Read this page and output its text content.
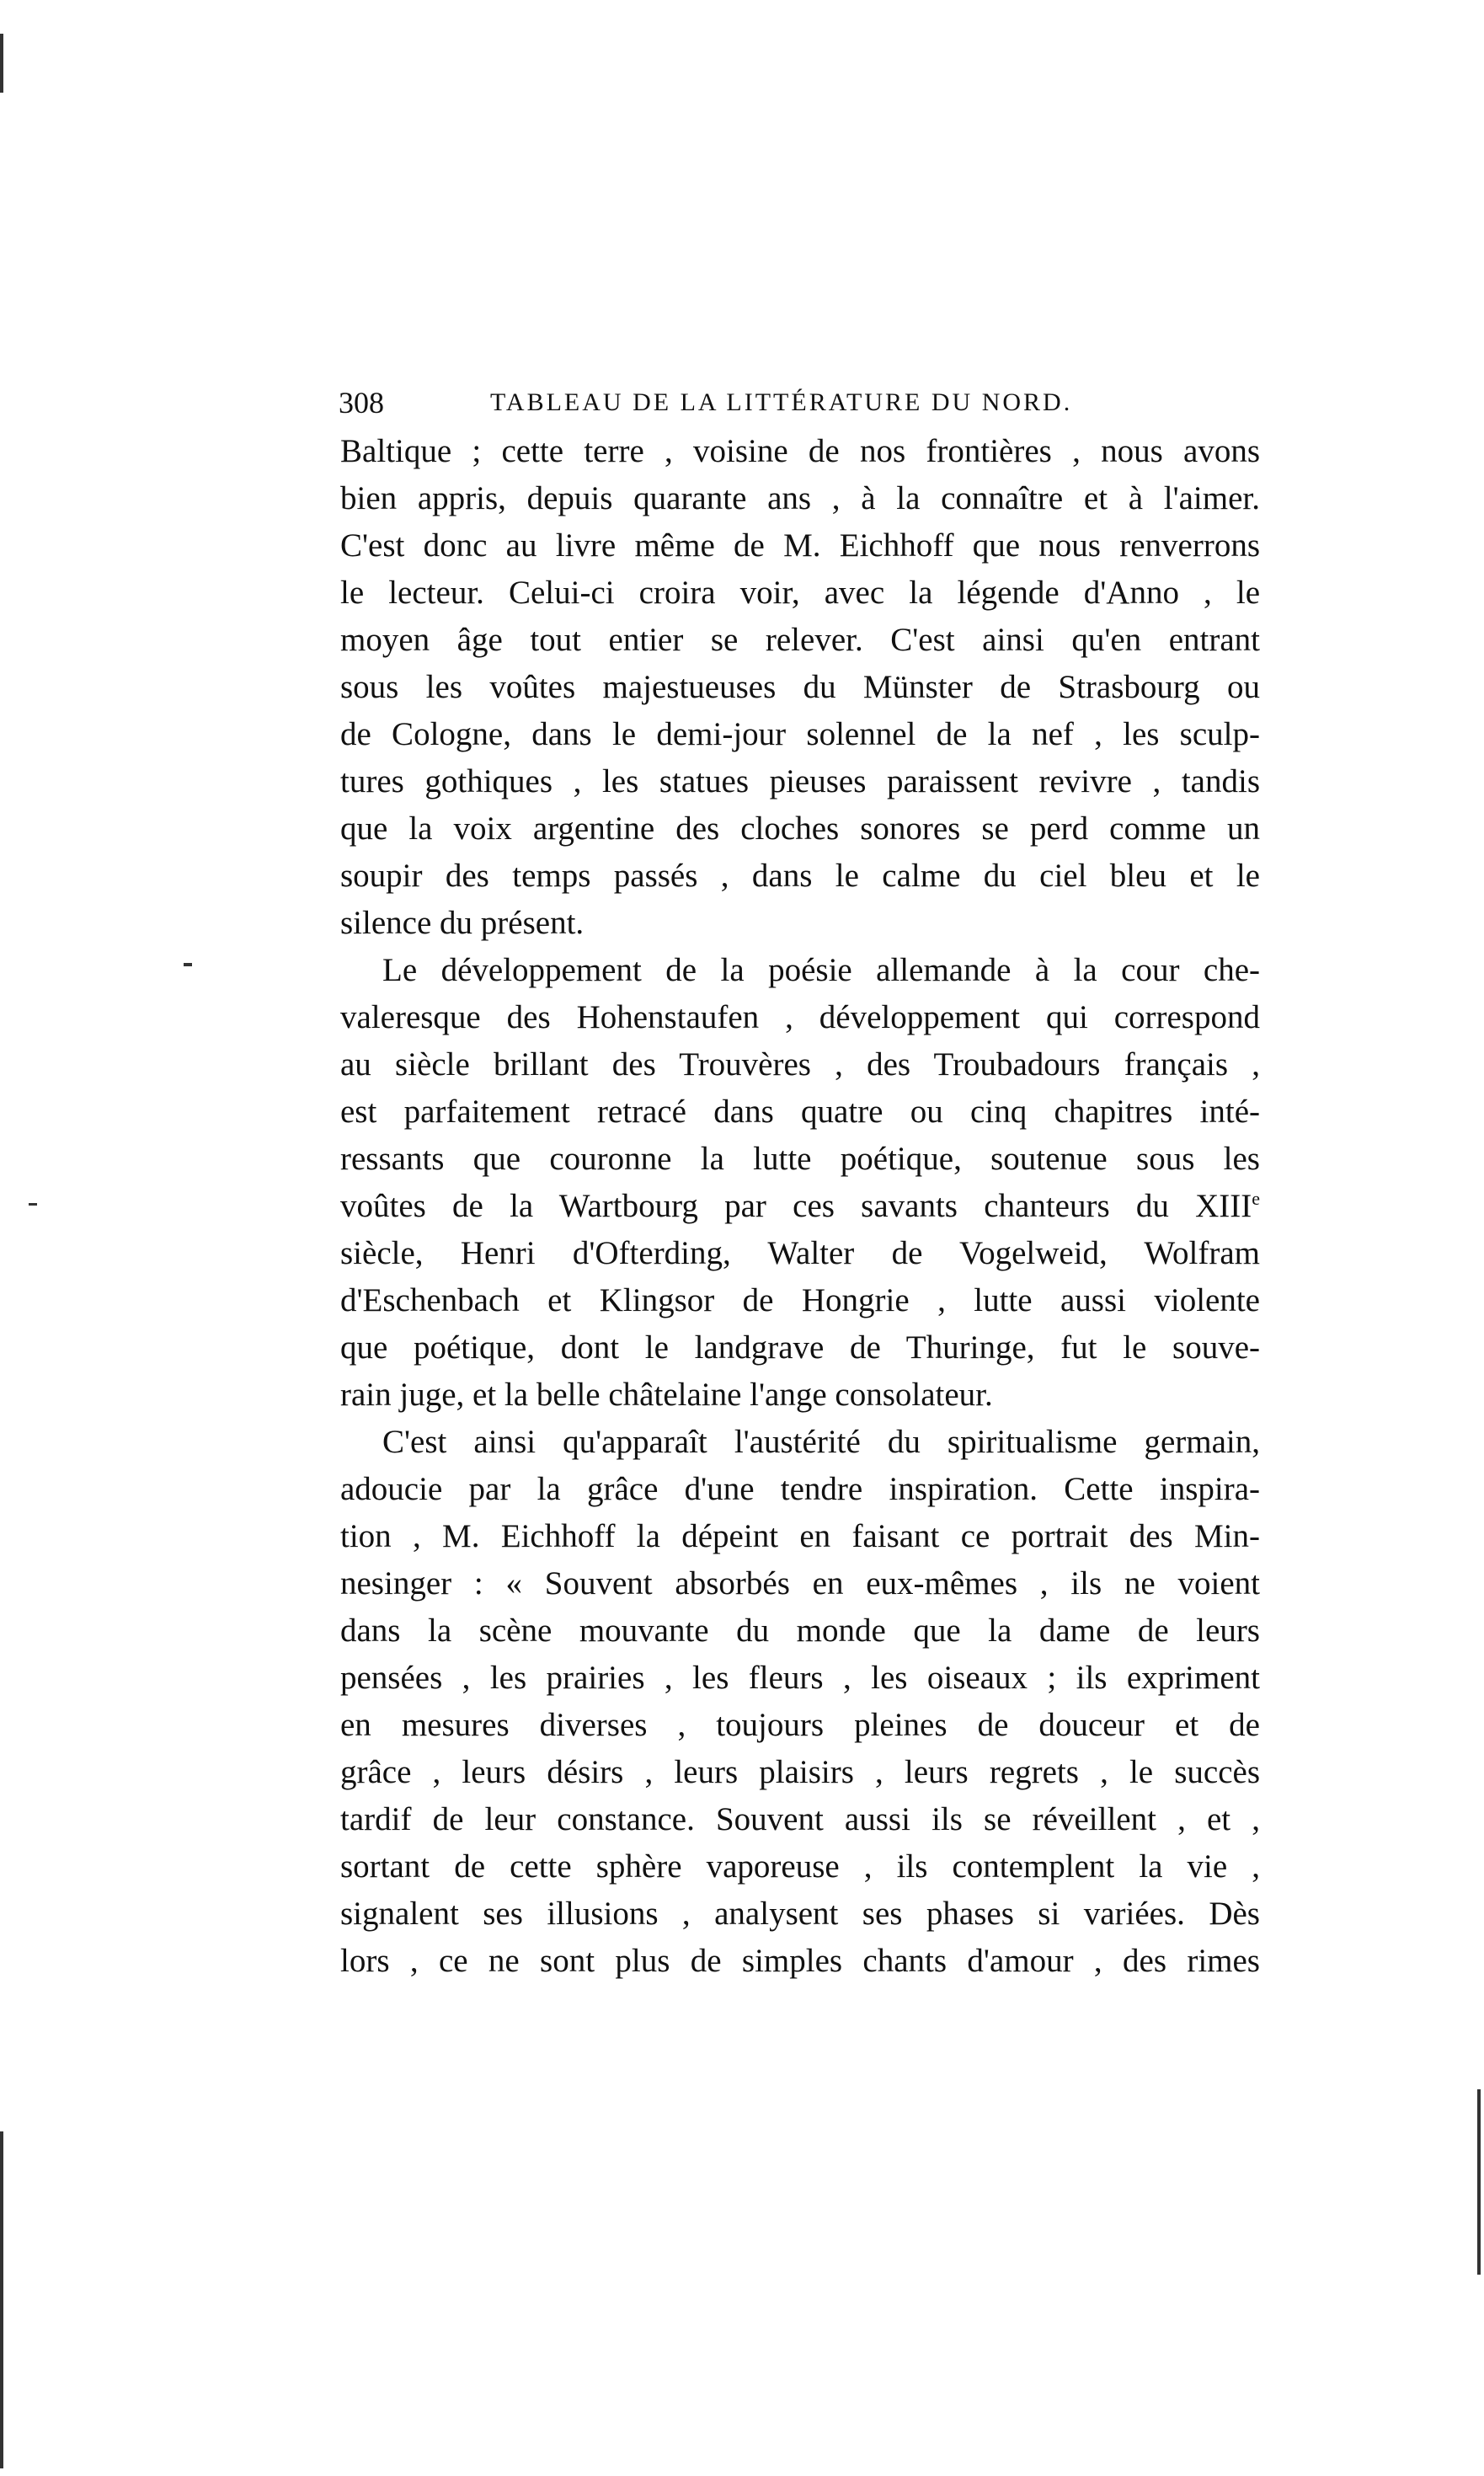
308	TABLEAU DE LA LITTÉRATURE DU NORD.
Baltique ; cette terre , voisine de nos frontières , nous avons
bien appris, depuis quarante ans , à la connaître et à l'aimer.
C'est donc au livre même de M. Eichhoff que nous renverrons
le lecteur. Celui-ci croira voir, avec la légende d'Anno , le
moyen âge tout entier se relever. C'est ainsi qu'en entrant
sous les voûtes majestueuses du Münster de Strasbourg ou
de Cologne, dans le demi-jour solennel de la nef , les sculp-
tures gothiques , les statues pieuses paraissent revivre , tandis
que la voix argentine des cloches sonores se perd comme un
soupir des temps passés , dans le calme du ciel bleu et le
silence du présent.
Le développement de la poésie allemande à la cour che-
valeresque des Hohenstaufen , développement qui correspond
au siècle brillant des Trouvères , des Troubadours français ,
est parfaitement retracé dans quatre ou cinq chapitres inté-
ressants que couronne la lutte poétique, soutenue sous les
voûtes de la Wartbourg par ces savants chanteurs du XIIIe
siècle, Henri d'Ofterding, Walter de Vogelweid, Wolfram
d'Eschenbach et Klingsor de Hongrie , lutte aussi violente
que poétique, dont le landgrave de Thuringe, fut le souve-
rain juge, et la belle châtelaine l'ange consolateur.
C'est ainsi qu'apparaît l'austérité du spiritualisme germain,
adoucie par la grâce d'une tendre inspiration. Cette inspira-
tion , M. Eichhoff la dépeint en faisant ce portrait des Min-
nesinger : « Souvent absorbés en eux-mêmes , ils ne voient
dans la scène mouvante du monde que la dame de leurs
pensées , les prairies , les fleurs , les oiseaux ; ils expriment
en mesures diverses , toujours pleines de douceur et de
grâce , leurs désirs , leurs plaisirs , leurs regrets , le succès
tardif de leur constance. Souvent aussi ils se réveillent , et ,
sortant de cette sphère vaporeuse , ils contemplent la vie ,
signalent ses illusions , analysent ses phases si variées. Dès
lors , ce ne sont plus de simples chants d'amour , des rimes
